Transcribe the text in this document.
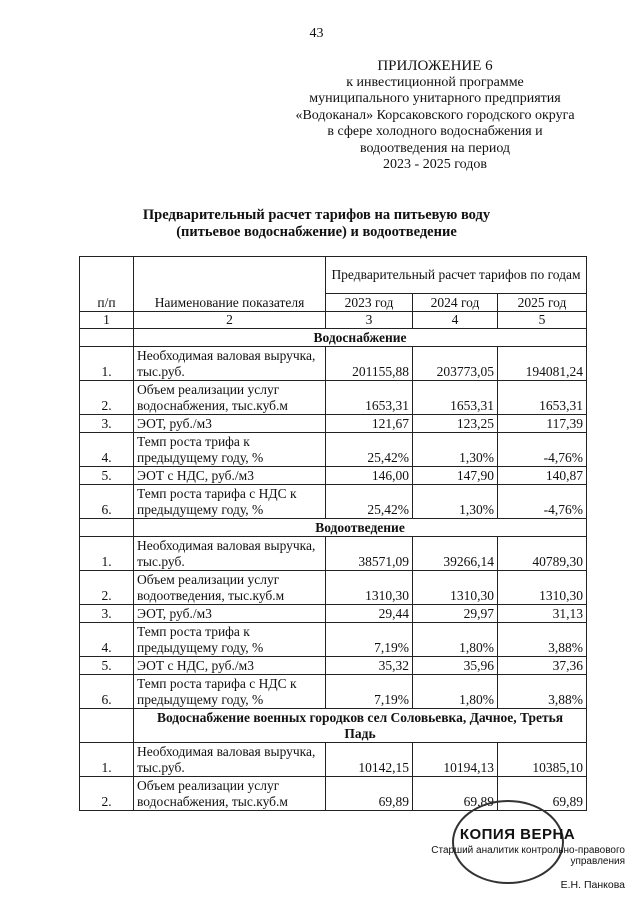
43
ПРИЛОЖЕНИЕ 6
к инвестиционной программе
муниципального унитарного предприятия
«Водоканал» Корсаковского городского округа
в сфере холодного водоснабжения и
водоотведения на период
2023 - 2025 годов
Предварительный расчет тарифов на питьевую воду
(питьевое водоснабжение) и водоотведение
п/п	Наименование показателя	Предварительный расчет тарифов по годам		
		2023 год	2024 год	2025 год
1	2	3	4	5
	Водоснабжение			
1.	Необходимая валовая выручка, тыс.руб.	201155,88	203773,05	194081,24
2.	Объем реализации услуг водоснабжения, тыс.куб.м	1653,31	1653,31	1653,31
3.	ЭОТ, руб./м3	121,67	123,25	117,39
4.	Темп роста трифа к предыдущему году, %	25,42%	1,30%	-4,76%
5.	ЭОТ с НДС, руб./м3	146,00	147,90	140,87
6.	Темп роста тарифа с НДС к предыдущему году, %	25,42%	1,30%	-4,76%
	Водоотведение			
1.	Необходимая валовая выручка, тыс.руб.	38571,09	39266,14	40789,30
2.	Объем реализации услуг водоотведения, тыс.куб.м	1310,30	1310,30	1310,30
3.	ЭОТ, руб./м3	29,44	29,97	31,13
4.	Темп роста трифа к предыдущему году, %	7,19%	1,80%	3,88%
5.	ЭОТ с НДС, руб./м3	35,32	35,96	37,36
6.	Темп роста тарифа с НДС к предыдущему году, %	7,19%	1,80%	3,88%
	Водоснабжение военных городков сел Соловьевка, Дачное, Третья Падь			
1.	Необходимая валовая выручка, тыс.руб.	10142,15	10194,13	10385,10
2.	Объем реализации услуг водоснабжения, тыс.куб.м	69,89	69,89	69,89
КОПИЯ ВЕРНА
Старший аналитик контрольно-правового управления
Е.Н. Панкова
